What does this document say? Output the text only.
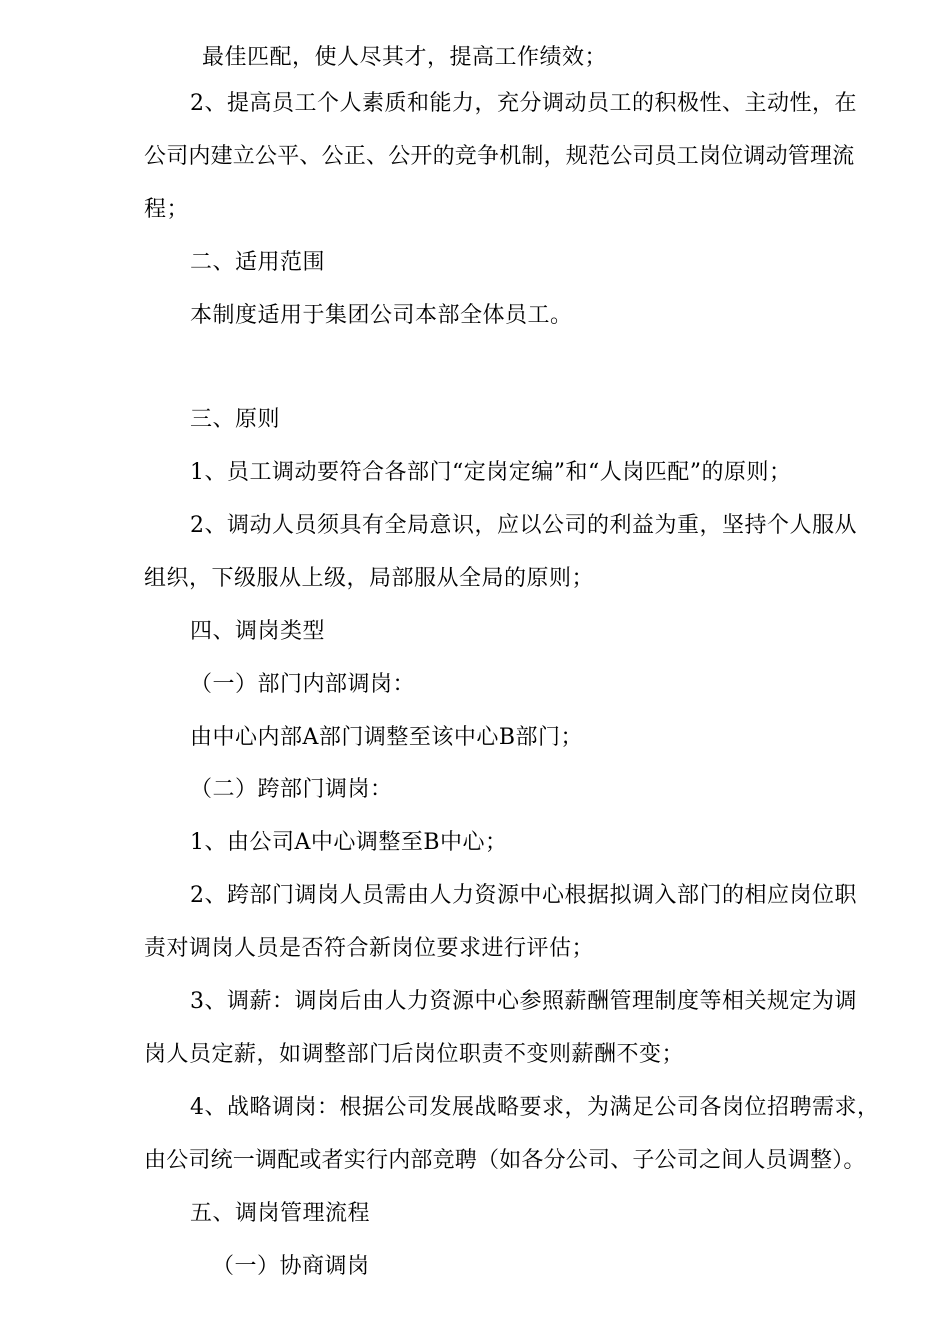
最佳匹配，使人尽其才，提高工作绩效；
2、提高员工个人素质和能力，充分调动员工的积极性、主动性，在
公司内建立公平、公正、公开的竞争机制，规范公司员工岗位调动管理流
程；
二、适用范围
本制度适用于集团公司本部全体员工。
三、原则
1、员工调动要符合各部门“定岗定编”和“人岗匹配”的原则；
2、调动人员须具有全局意识，应以公司的利益为重，坚持个人服从
组织，下级服从上级，局部服从全局的原则；
四、调岗类型
（一）部门内部调岗：
由中心内部A部门调整至该中心B部门；
（二）跨部门调岗：
1、由公司A中心调整至B中心；
2、跨部门调岗人员需由人力资源中心根据拟调入部门的相应岗位职
责对调岗人员是否符合新岗位要求进行评估；
3、调薪：调岗后由人力资源中心参照薪酬管理制度等相关规定为调
岗人员定薪，如调整部门后岗位职责不变则薪酬不变；
4、战略调岗：根据公司发展战略要求，为满足公司各岗位招聘需求，
由公司统一调配或者实行内部竞聘（如各分公司、子公司之间人员调整）。
五、调岗管理流程
（一）协商调岗
